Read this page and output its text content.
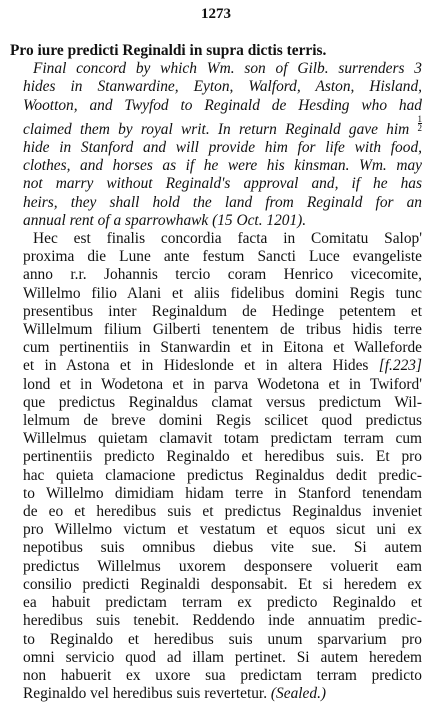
1273

Pro iure predicti Reginaldi in supra dictis terris.

Final concord by which Wm. son of Gilb. surrenders 3
hides in Stanwardine, Eyton, Walford, Aston, Hisland,
Wootton, and Twyfod to Reginald de Hesding who had
claimed them by royal writ. In return Reginald gave him $\frac{1}{2}$
hide in Stanford and will provide him for life with food,
clothes, and horses as if he were his kinsman. Wm. may
not marry without Reginald's approval and, if he has
heirs, they shall hold the land from Reginald for an
annual rent of a sparrowhawk (15 Oct. 1201).
Hec est finalis concordia facta in Comitatu Salop'
proxima die Lune ante festum Sancti Luce evangeliste
anno r.r. Johannis tercio coram Henrico vicecomite,
Willelmo filio Alani et aliis fidelibus domini Regis tunc
presentibus inter Reginaldum de Hedinge petentem et
Willelmum filium Gilberti tenentem de tribus hidis terre
cum pertinentiis in Stanwardin et in Eitona et Walleforde
et in Astona et in Hideslonde et in altera Hides [f.223]
lond et in Wodetona et in parva Wodetona et in Twiford'
que predictus Reginaldus clamat versus predictum Wil-
lelmum de breve domini Regis scilicet quod predictus
Willelmus quietam clamavit totam predictam terram cum
pertinentiis predicto Reginaldo et heredibus suis. Et pro
hac quieta clamacione predictus Reginaldus dedit predic-
to Willelmo dimidiam hidam terre in Stanford tenendam
de eo et heredibus suis et predictus Reginaldus inveniet
pro Willelmo victum et vestatum et equos sicut uni ex
nepotibus suis omnibus diebus vite sue. Si autem
predictus Willelmus uxorem desponsere voluerit eam
consilio predicti Reginaldi desponsabit. Et si heredem ex
ea habuit predictam terram ex predicto Reginaldo et
heredibus suis tenebit. Reddendo inde annuatim predic-
to Reginaldo et heredibus suis unum sparvarium pro
omni servicio quod ad illam pertinet. Si autem heredem
non habuerit ex uxore sua predictam terram predicto
Reginaldo vel heredibus suis revertetur. (Sealed.)
